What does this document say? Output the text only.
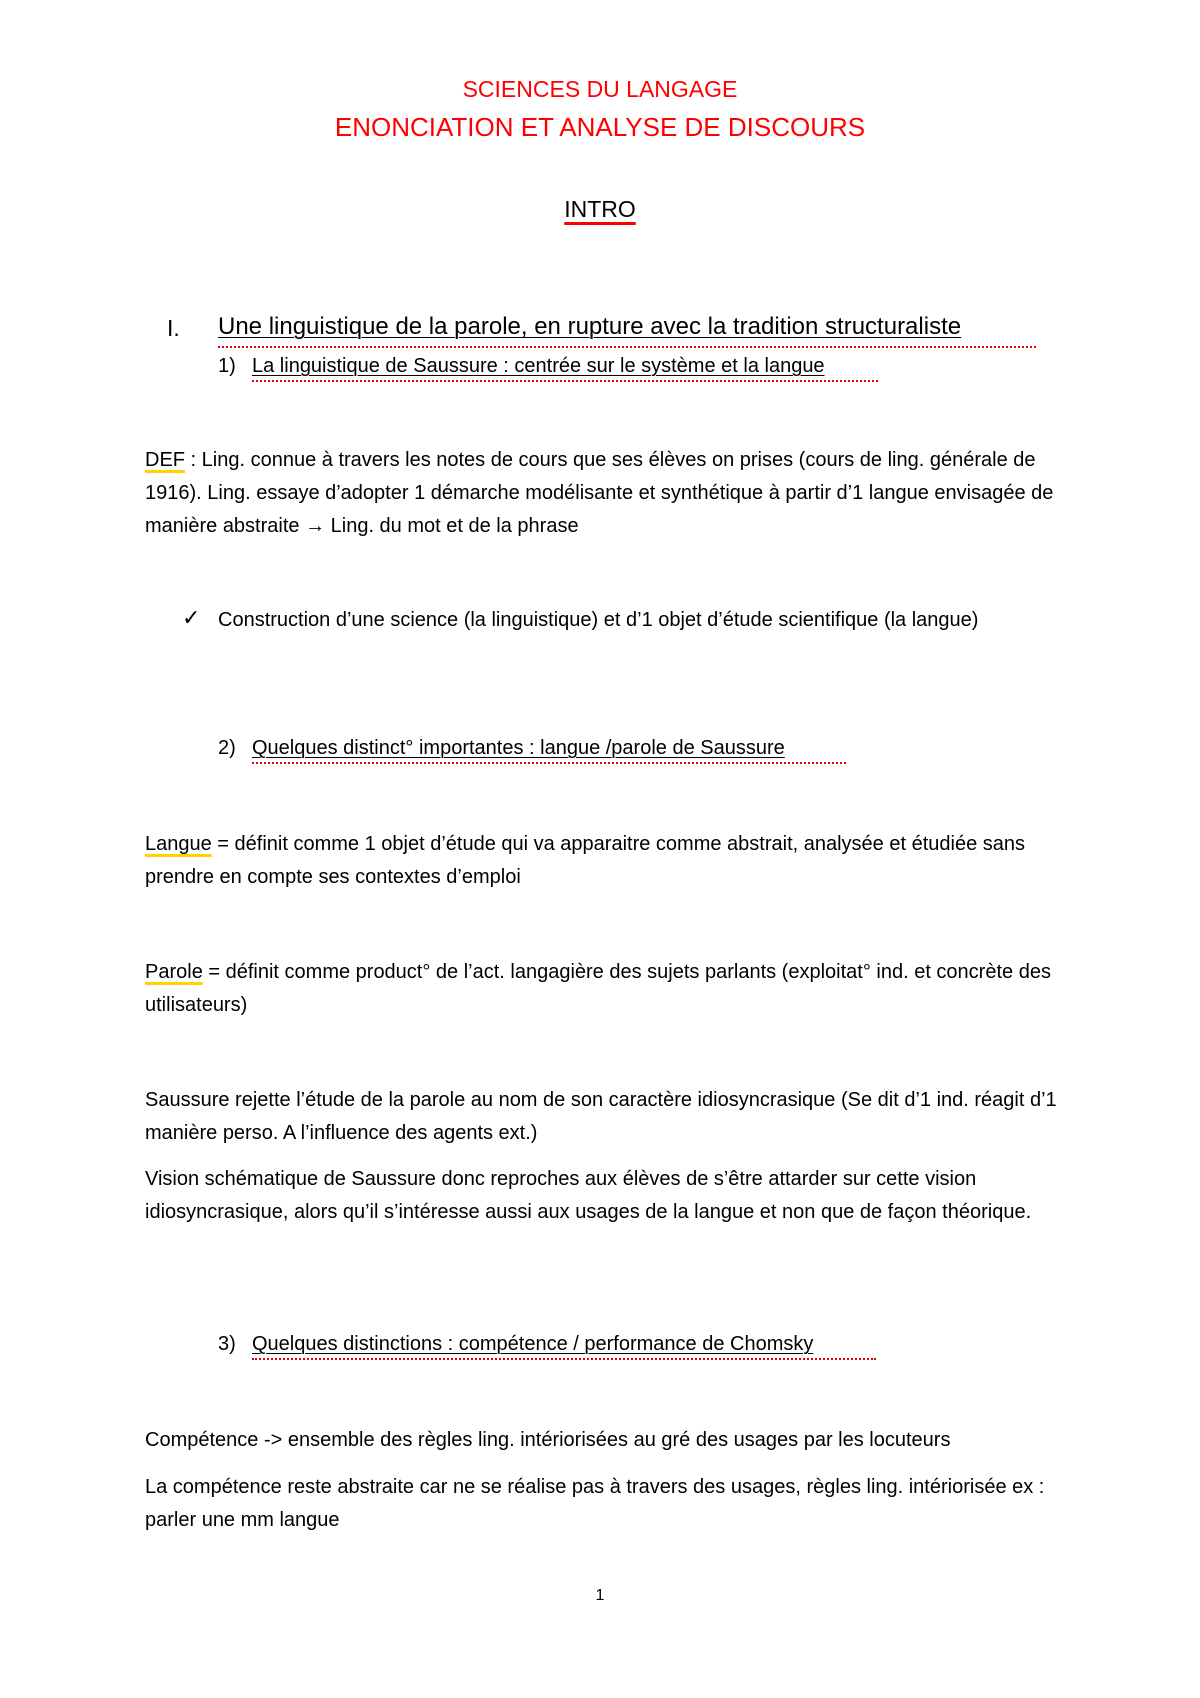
SCIENCES DU LANGAGE
ENONCIATION ET ANALYSE DE DISCOURS
INTRO
I. Une linguistique de la parole, en rupture avec la tradition structuraliste
1) La linguistique de Saussure : centrée sur le système et la langue
DEF : Ling. connue à travers les notes de cours que ses élèves on prises (cours de ling. générale de 1916). Ling. essaye d’adopter 1 démarche modélisante et synthétique à partir d’1 langue envisagée de manière abstraite → Ling. du mot et de la phrase
✓ Construction d’une science (la linguistique) et d’1 objet d’étude scientifique (la langue)
2) Quelques distinct° importantes : langue /parole de Saussure
Langue = définit comme 1 objet d’étude qui va apparaitre comme abstrait, analysée et étudiée sans prendre en compte ses contextes d’emploi
Parole = définit comme product° de l’act. langagière des sujets parlants (exploitat° ind. et concrète des utilisateurs)
Saussure rejette l’étude de la parole au nom de son caractère idiosyncrasique (Se dit d’1 ind. réagit d’1 manière perso. A l’influence des agents ext.)
Vision schématique de Saussure donc reproches aux élèves de s’être attarder sur cette vision idiosyncrasique, alors qu’il s’intéresse aussi aux usages de la langue et non que de façon théorique.
3) Quelques distinctions : compétence / performance de Chomsky
Compétence -> ensemble des règles ling. intériorisées au gré des usages par les locuteurs
La compétence reste abstraite car ne se réalise pas à travers des usages, règles ling. intériorisée ex : parler une mm langue
1
